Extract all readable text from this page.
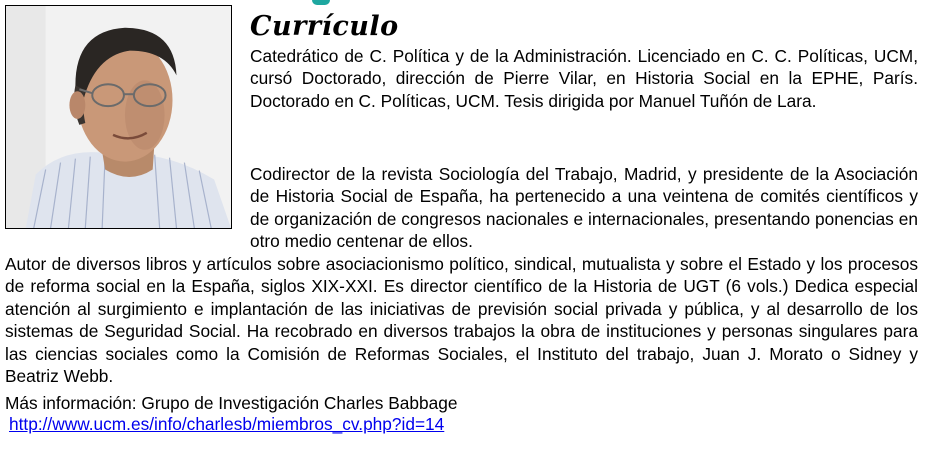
Currículo

Catedrático de C. Política y de la Administración. Licenciado en C. C. Políticas, UCM, cursó Doctorado, dirección de Pierre Vilar, en Historia Social en la EPHE, París. Doctorado en C. Políticas, UCM. Tesis dirigida por Manuel Tuñón de Lara.

Codirector de la revista Sociología del Trabajo, Madrid, y presidente de la Asociación de Historia Social de España, ha pertenecido a una veintena de comités científicos y de organización de congresos nacionales e internacionales, presentando ponencias en otro medio centenar de ellos.

Autor de diversos libros y artículos sobre asociacionismo político, sindical, mutualista y sobre el Estado y los procesos de reforma social en la España, siglos XIX-XXI. Es director científico de la Historia de UGT (6 vols.) Dedica especial atención al surgimiento e implantación de las iniciativas de previsión social privada y pública, y al desarrollo de los sistemas de Seguridad Social. Ha recobrado en diversos trabajos la obra de instituciones y personas singulares para las ciencias sociales como la Comisión de Reformas Sociales, el Instituto del trabajo, Juan J. Morato o Sidney y Beatriz Webb.

Más información: Grupo de Investigación Charles Babbage

http://www.ucm.es/info/charlesb/miembros_cv.php?id=14
